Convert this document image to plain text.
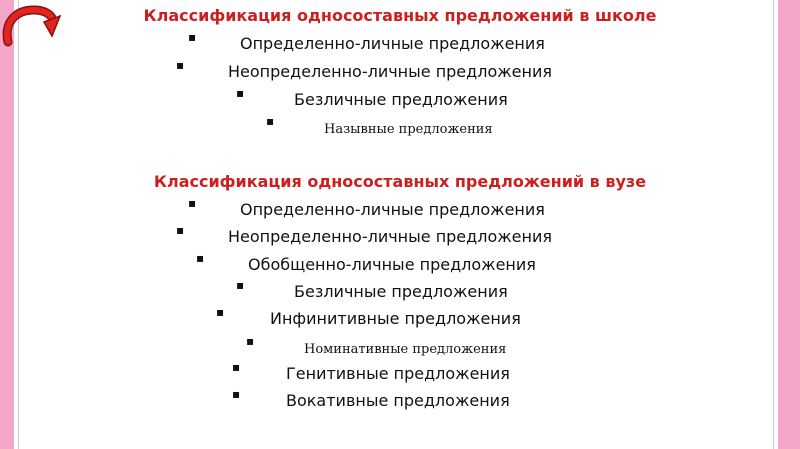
Классификация односоставных предложений в школе
▪	Определенно-личные предложения
▪	Неопределенно-личные предложения
▪	Безличные предложения
▪
Назывные предложения
Классификация односоставных предложений в вузе
▪	Определенно-личные предложения
▪	Неопределенно-личные предложения
▪	Обобщенно-личные предложения
▪	Безличные предложения
▪	Инфинитивные предложения
▪
Номинативные предложения
▪	Генитивные предложения
▪	Вокативные предложения
